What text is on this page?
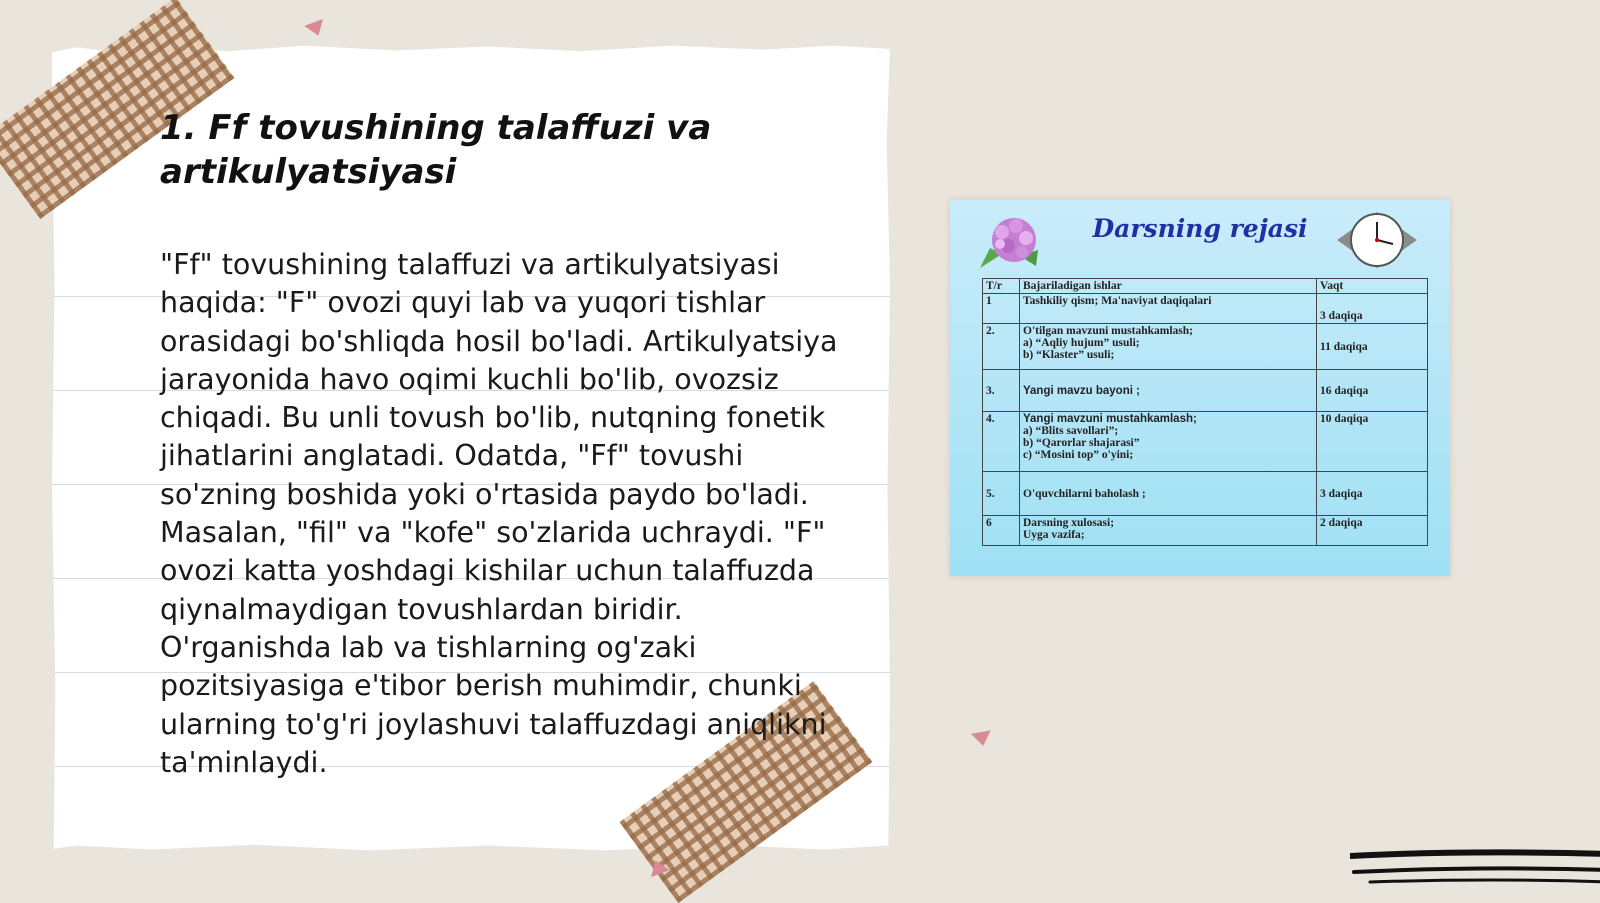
1. Ff tovushining talaffuzi va artikulyatsiyasi
"Ff" tovushining talaffuzi va artikulyatsiyasi haqida: "F" ovozi quyi lab va yuqori tishlar orasidagi bo'shliqda hosil bo'ladi. Artikulyatsiya jarayonida havo oqimi kuchli bo'lib, ovozsiz chiqadi. Bu unli tovush bo'lib, nutqning fonetik jihatlarini anglatadi. Odatda, "Ff" tovushi so'zning boshida yoki o'rtasida paydo bo'ladi. Masalan, "fil" va "kofe" so'zlarida uchraydi. "F" ovozi katta yoshdagi kishilar uchun talaffuzda qiynalmaydigan tovushlardan biridir. O'rganishda lab va tishlarning og'zaki pozitsiyasiga e'tibor berish muhimdir, chunki ularning to'g'ri joylashuvi talaffuzdagi aniqlikni ta'minlaydi.
Darsning rejasi
T/r	Bajariladigan ishlar	Vaqt
1	Tashkiliy qism; Ma'naviyat daqiqalari	3 daqiqa
2.	O'tilgan mavzuni mustahkamlash;
a) “Aqliy hujum” usuli;
b) “Klaster” usuli;	11 daqiqa
3.	Yangi mavzu bayoni ;	16 daqiqa
4.	Yangi mavzuni mustahkamlash;
a) “Blits savollari”;
b) “Qarorlar shajarasi”
c) “Mosini top” o'yini;	10 daqiqa
5.	O'quvchilarni baholash ;	3 daqiqa
6	Darsning xulosasi;
Uyga vazifa;	2 daqiqa
